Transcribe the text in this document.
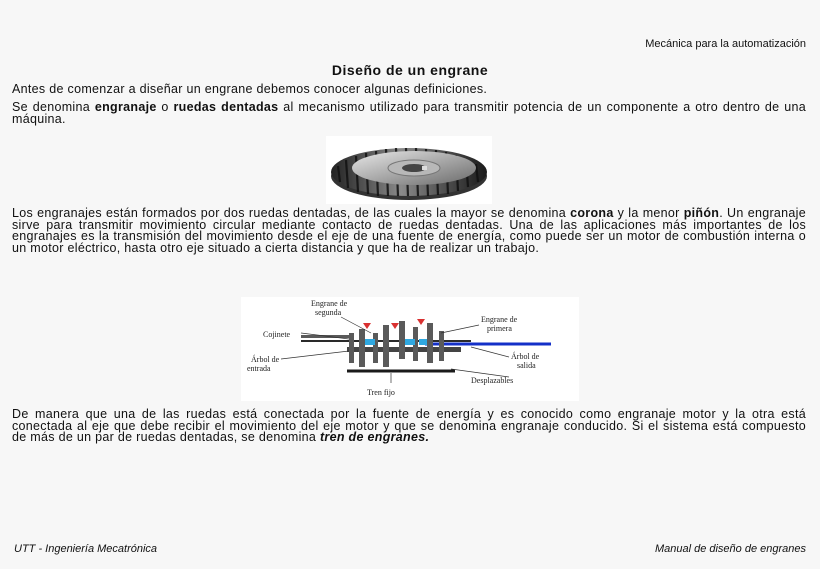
Mecánica para la automatización
Diseño de un engrane
Antes de comenzar a diseñar un engrane debemos conocer algunas definiciones.
Se denomina engranaje o ruedas dentadas al mecanismo utilizado para transmitir potencia de un componente a otro dentro de una máquina.
Los engranajes están formados por dos ruedas dentadas, de las cuales la mayor se denomina corona y la menor piñón. Un engranaje sirve para transmitir movimiento circular mediante contacto de ruedas dentadas. Una de las aplicaciones más importantes de los engranajes es la transmisión del movimiento desde el eje de una fuente de energía, como puede ser un motor de combustión interna o un motor eléctrico, hasta otro eje situado a cierta distancia y que ha de realizar un trabajo.
Engrane de
segunda
Engrane de
primera
Cojinete
Árbol de
entrada
Árbol de
salida
Desplazables
Tren fijo
De manera que una de las ruedas está conectada por la fuente de energía y es conocido como engranaje motor y la otra está conectada al eje que debe recibir el movimiento del eje motor y que se denomina engranaje conducido. Si el sistema está compuesto de más de un par de ruedas dentadas, se denomina tren de engranes.
UTT - Ingeniería Mecatrónica	Manual de diseño de engranes
